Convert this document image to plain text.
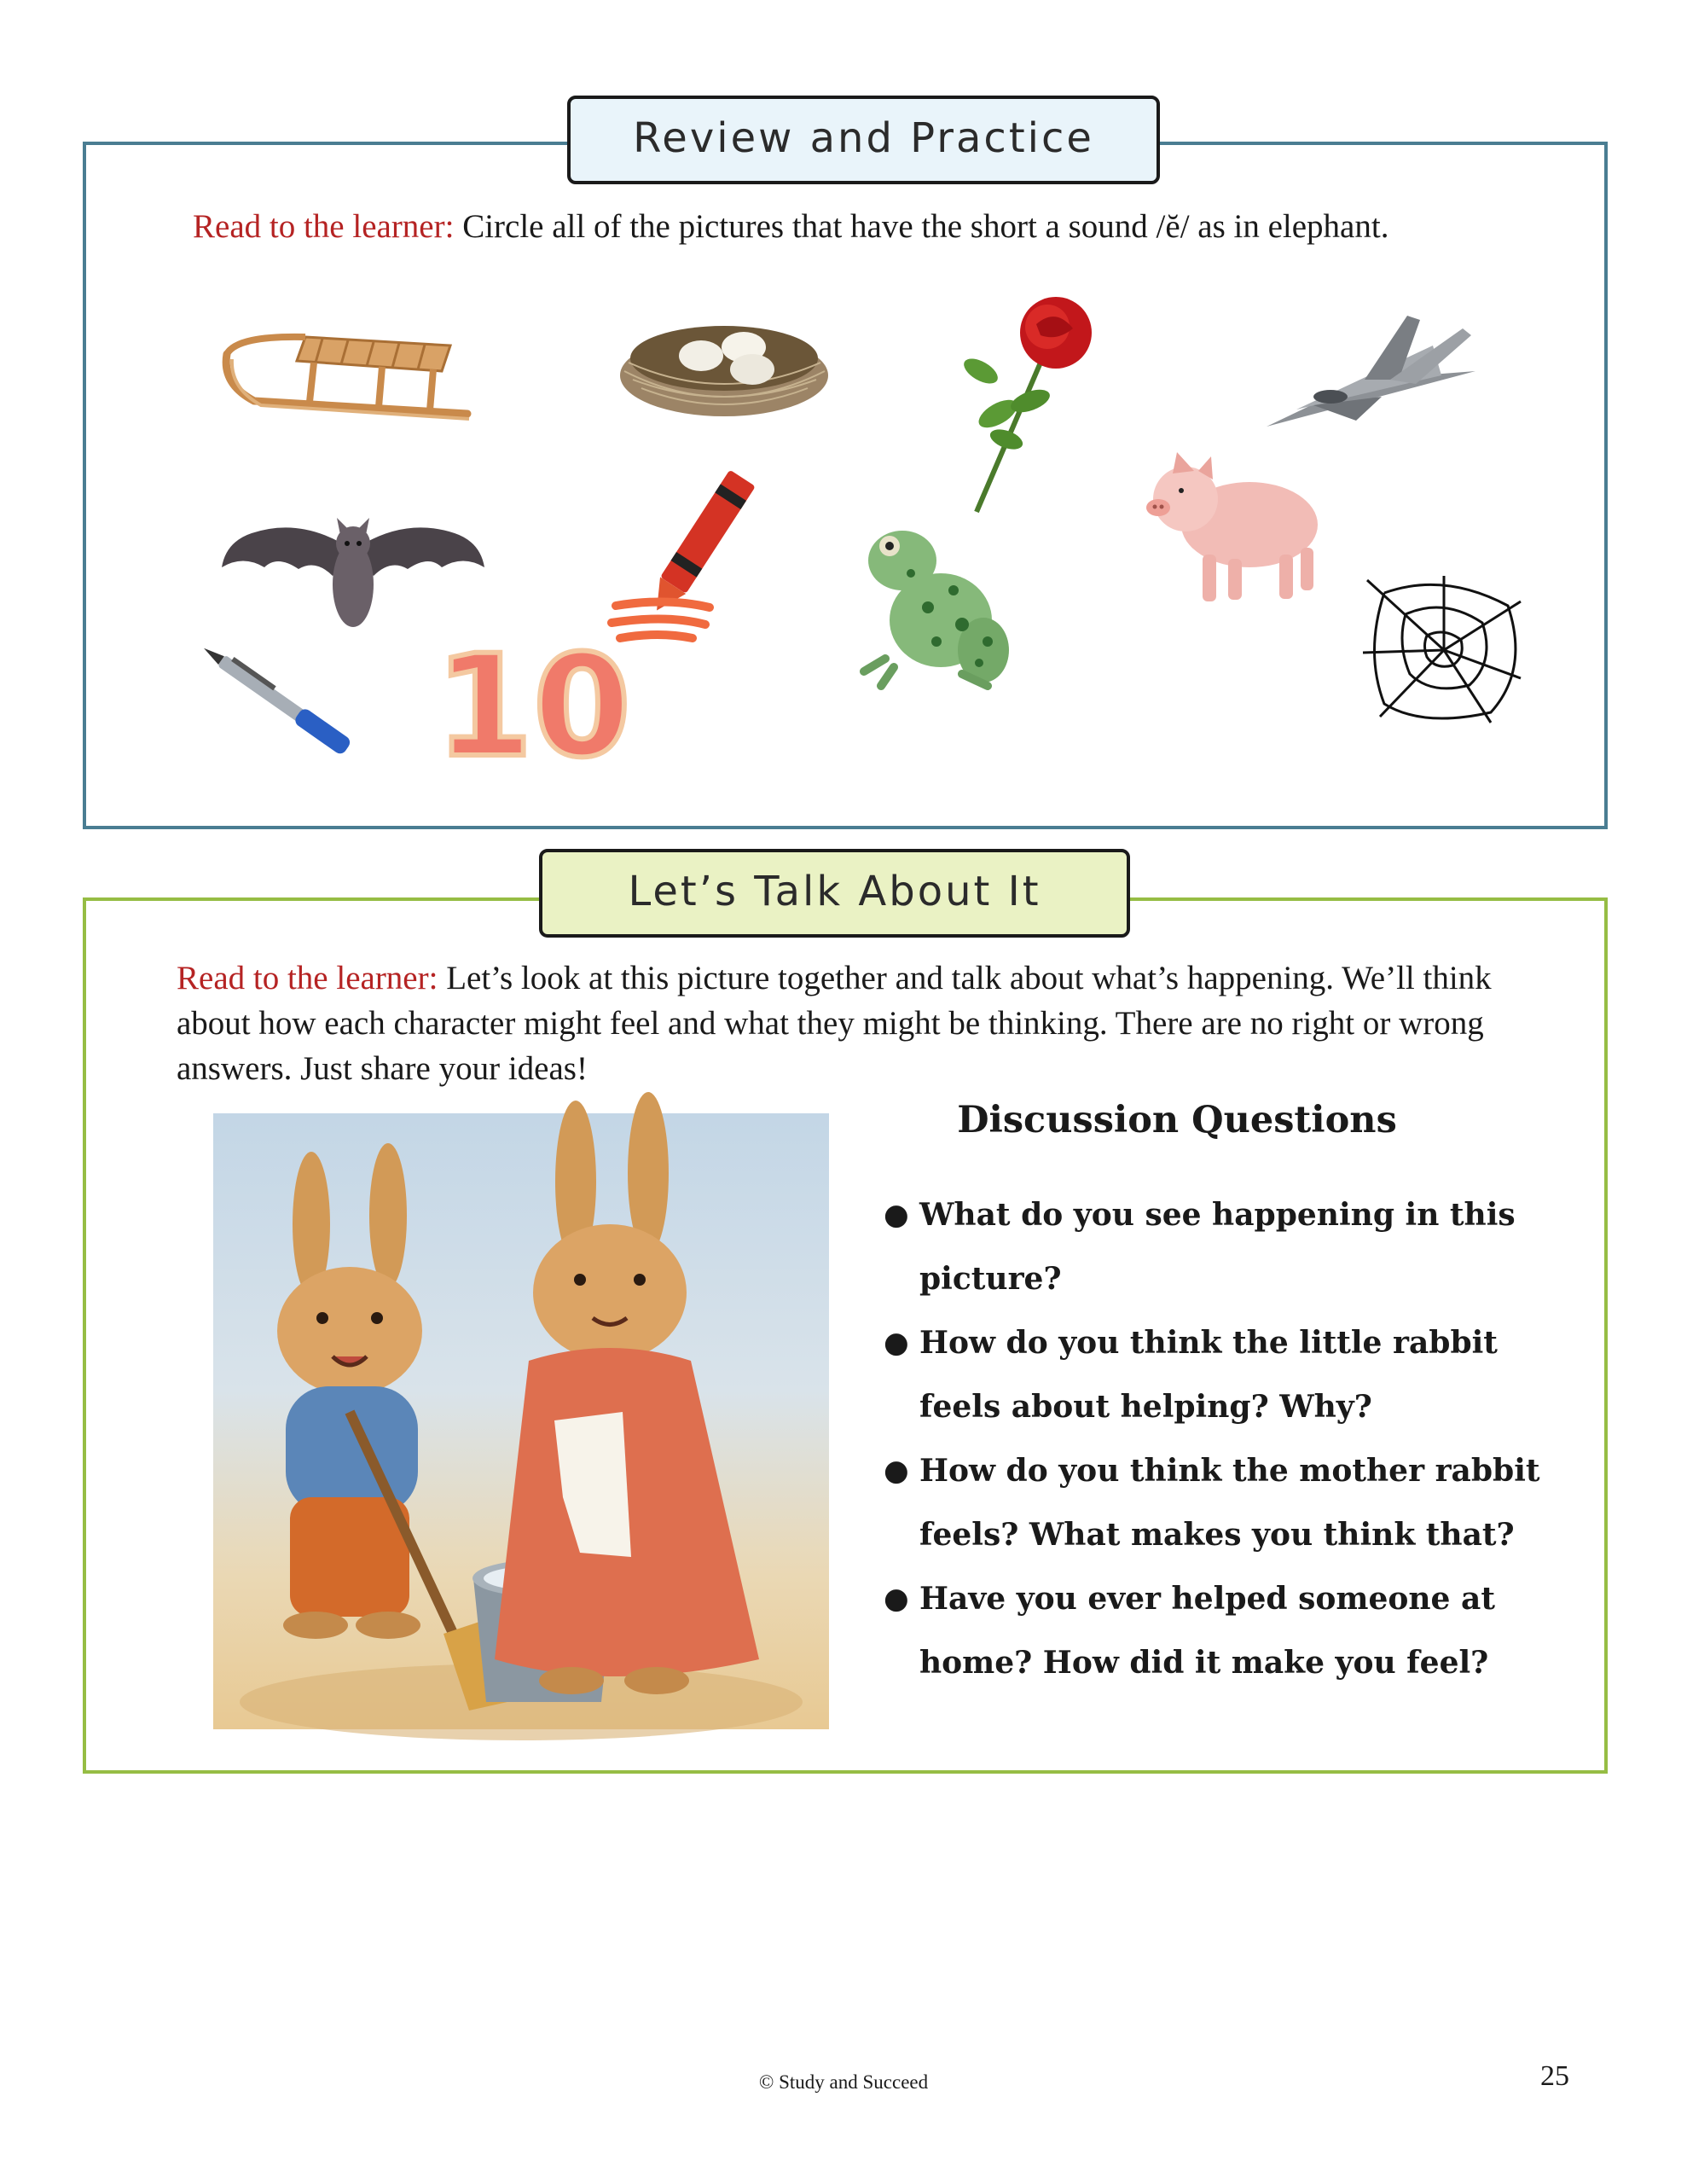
Review and Practice
Read to the learner: Circle all of the pictures that have the short a sound /ĕ/ as in elephant.
10
Let’s Talk About It
Read to the learner: Let’s look at this picture together and talk about what’s happening. We’ll think about how each character might feel and what they might be thinking. There are no right or wrong answers. Just share your ideas!
Discussion Questions
● What do you see happening in this picture?
● How do you think the little rabbit feels about helping? Why?
● How do you think the mother rabbit feels? What makes you think that?
● Have you ever helped someone at home? How did it make you feel?
© Study and Succeed	25
